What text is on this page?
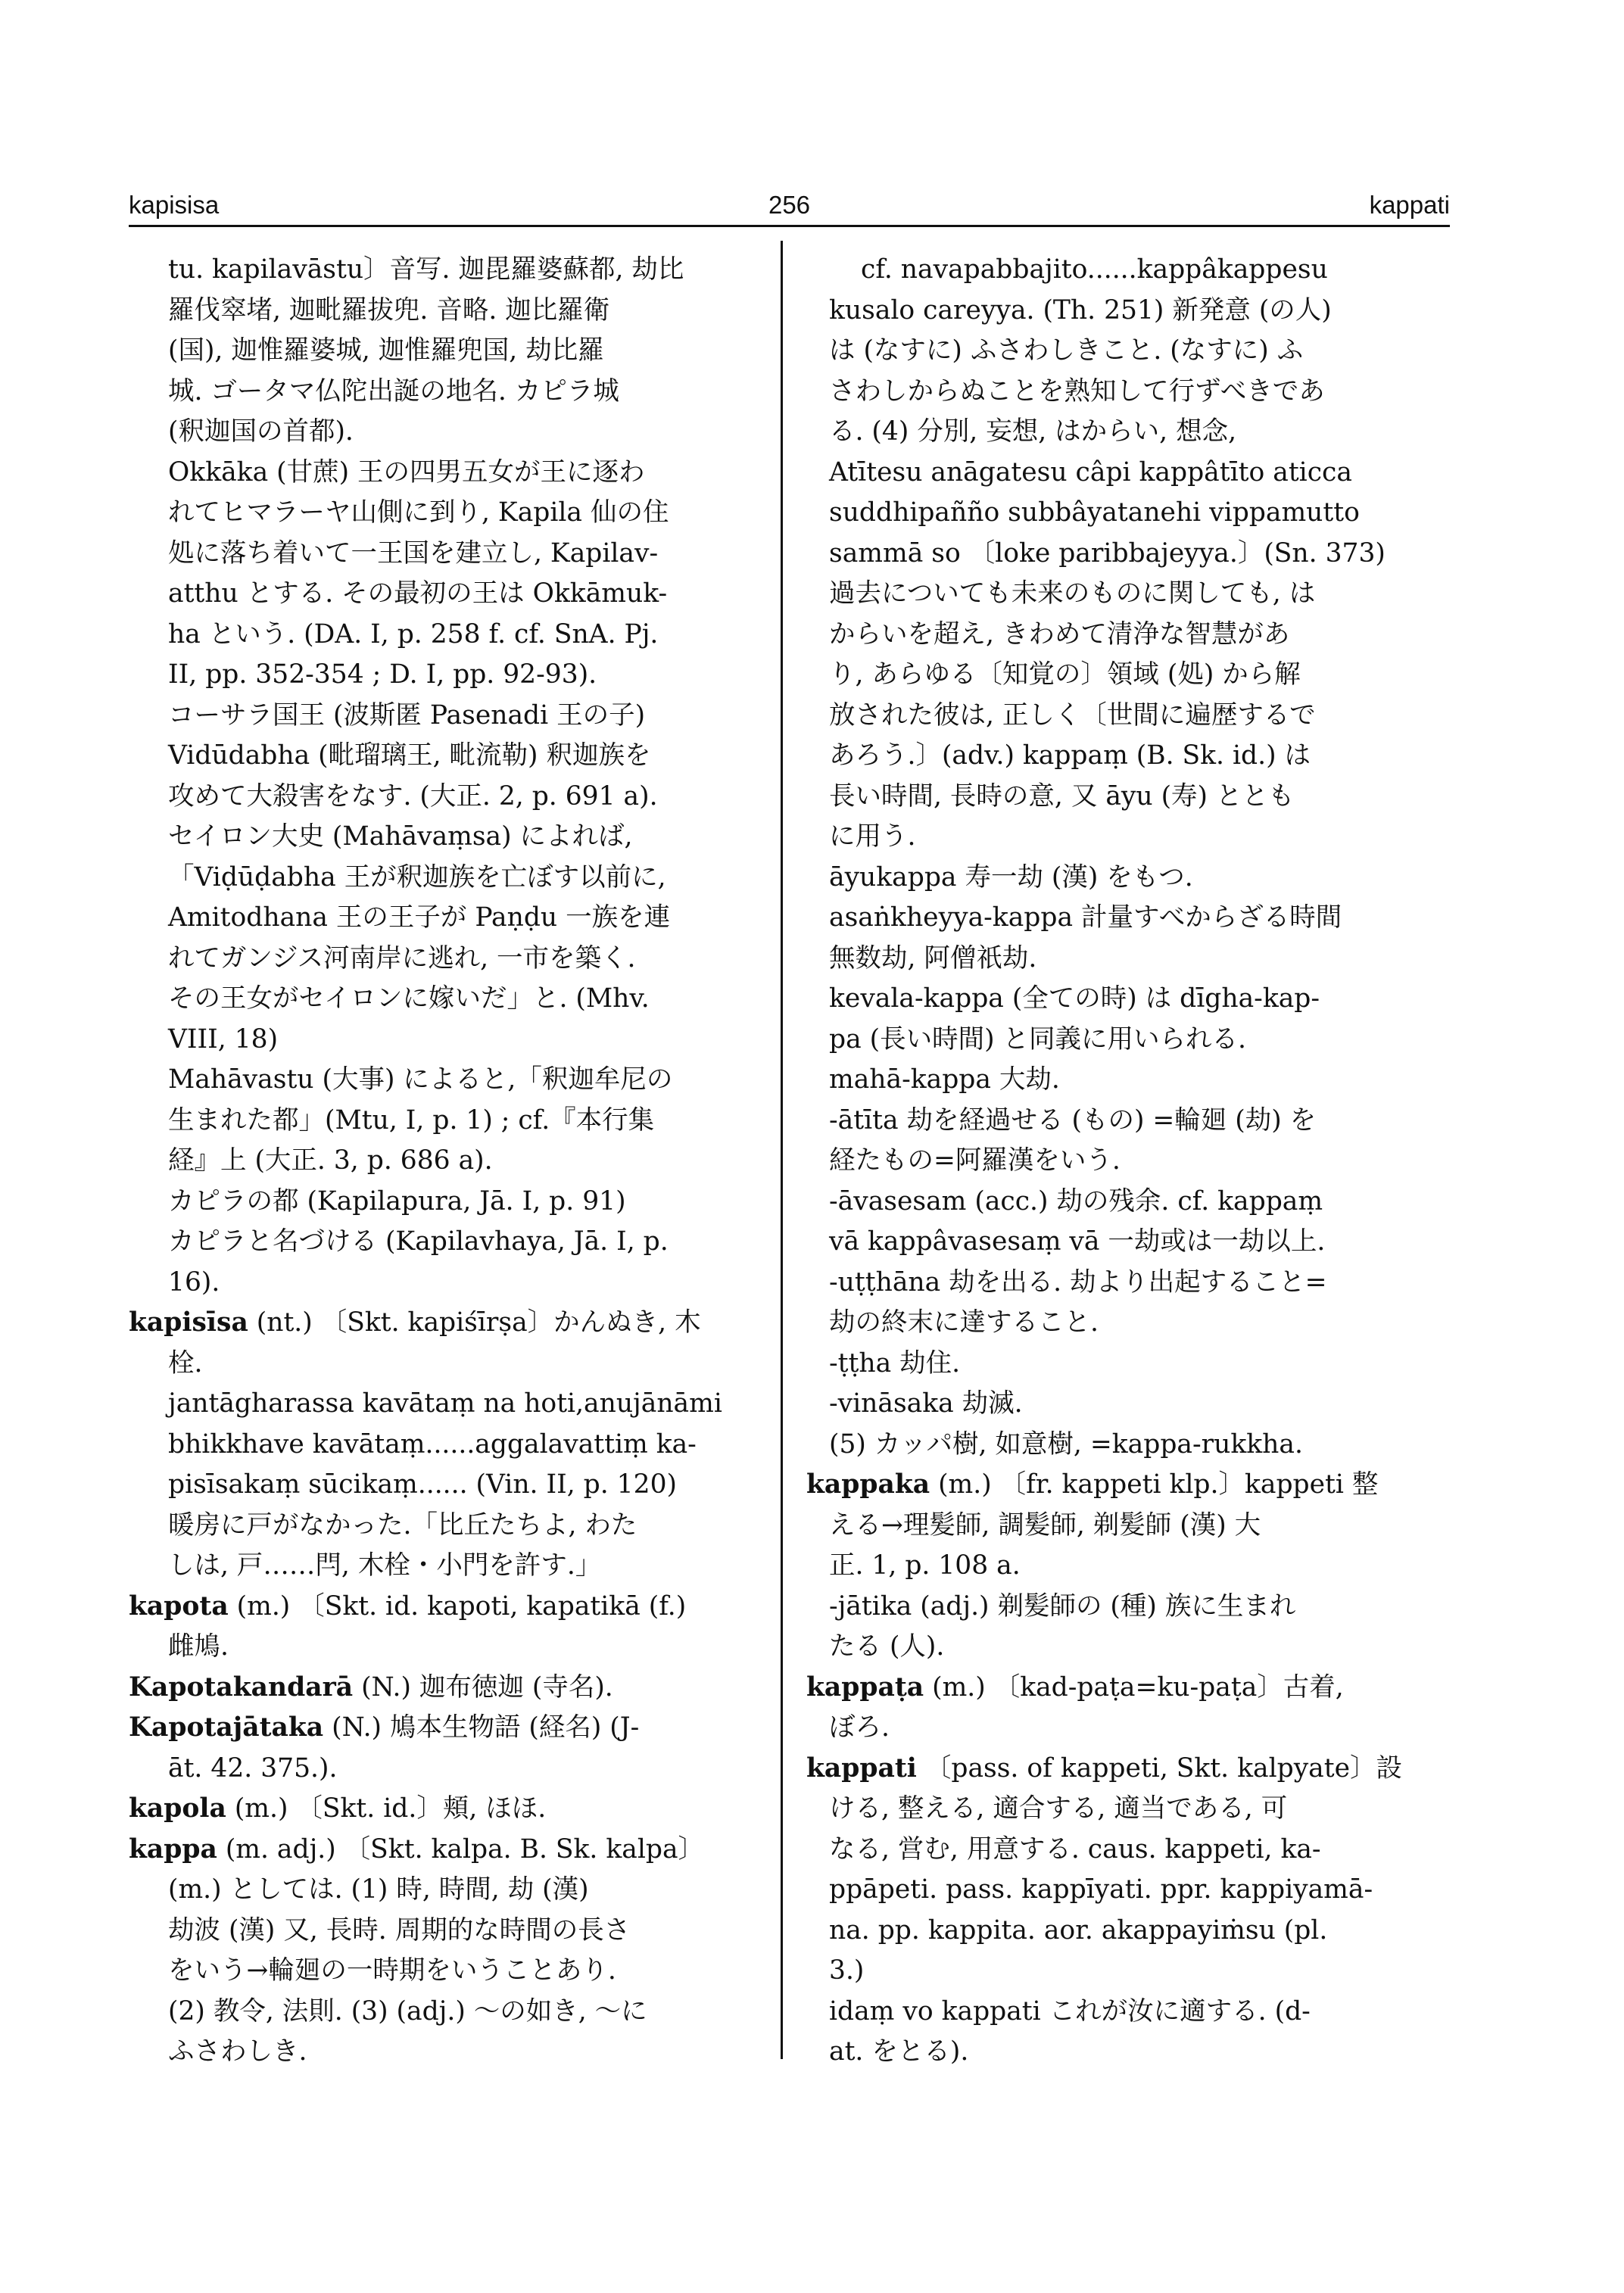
kapisisa	256	kappati
tu. kapilavāstu〕音写. 迦毘羅婆蘇都, 劫比
羅伐窣堵, 迦毗羅拔兜. 音略. 迦比羅衛
(国), 迦惟羅婆城, 迦惟羅兜国, 劫比羅
城. ゴータマ仏陀出誕の地名. カピラ城
(釈迦国の首都).
Okkāka (甘蔗) 王の四男五女が王に逐わ
れてヒマラーヤ山側に到り, Kapila 仙の住
処に落ち着いて一王国を建立し, Kapilav-
atthu とする. その最初の王は Okkāmuk-
ha という. (DA. I, p. 258 f. cf. SnA. Pj.
II, pp. 352-354 ; D. I, pp. 92-93).
コーサラ国王 (波斯匿 Pasenadi 王の子)
Vidūdabha (毗瑠璃王, 毗流勒) 釈迦族を
攻めて大殺害をなす. (大正. 2, p. 691 a).
セイロン大史 (Mahāvaṃsa) によれば,
「Viḍūḍabha 王が釈迦族を亡ぼす以前に,
Amitodhana 王の王子が Paṇḍu 一族を連
れてガンジス河南岸に逃れ, 一市を築く.
その王女がセイロンに嫁いだ」と. (Mhv.
VIII, 18)
Mahāvastu (大事) によると,「釈迦牟尼の
生まれた都」(Mtu, I, p. 1) ; cf.『本行集
経』上 (大正. 3, p. 686 a).
カピラの都 (Kapilapura, Jā. I, p. 91)
カピラと名づける (Kapilavhaya, Jā. I, p.
16).
kapisīsa (nt.) 〔Skt. kapiśīrṣa〕かんぬき, 木
栓.
jantāgharassa kavātaṃ na hoti,anujānāmi
bhikkhave kavātaṃ......aggalavattiṃ ka-
pisīsakaṃ sūcikaṃ...... (Vin. II, p. 120)
暖房に戸がなかった.「比丘たちよ, わた
しは, 戸……閂, 木栓・小門を許す.」
kapota (m.) 〔Skt. id. kapoti, kapatikā (f.)
雌鳩.
Kapotakandarā (N.) 迦布徳迦 (寺名).
Kapotajātaka (N.) 鳩本生物語 (経名) (J-
āt. 42. 375.).
kapola (m.) 〔Skt. id.〕頬, ほほ.
kappa (m. adj.) 〔Skt. kalpa. B. Sk. kalpa〕
(m.) としては. (1) 時, 時間, 劫 (漢)
劫波 (漢) 又, 長時. 周期的な時間の長さ
をいう→輪廻の一時期をいうことあり.
(2) 教令, 法則. (3) (adj.) ～の如き, ～に
ふさわしき.
cf. navapabbajito......kappâkappesu
kusalo careyya. (Th. 251) 新発意 (の人)
は (なすに) ふさわしきこと. (なすに) ふ
さわしからぬことを熟知して行ずべきであ
る. (4) 分別, 妄想, はからい, 想念,
Atītesu anāgatesu câpi kappâtīto aticca
suddhipañño subbâyatanehi vippamutto
sammā so 〔loke paribbajeyya.〕(Sn. 373)
過去についても未来のものに関しても, は
からいを超え, きわめて清浄な智慧があ
り, あらゆる〔知覚の〕領域 (処) から解
放された彼は, 正しく〔世間に遍歴するで
あろう.〕(adv.) kappaṃ (B. Sk. id.) は
長い時間, 長時の意, 又 āyu (寿) ととも
に用う.
āyukappa 寿一劫 (漢) をもつ.
asaṅkheyya-kappa 計量すべからざる時間
無数劫, 阿僧祇劫.
kevala-kappa (全ての時) は dīgha-kap-
pa (長い時間) と同義に用いられる.
mahā-kappa 大劫.
-ātīta 劫を経過せる (もの) =輪廻 (劫) を
経たもの=阿羅漢をいう.
-āvasesam (acc.) 劫の残余. cf. kappaṃ
vā kappâvasesaṃ vā 一劫或は一劫以上.
-uṭṭhāna 劫を出る. 劫より出起すること=
劫の終末に達すること.
-ṭṭha 劫住.
-vināsaka 劫滅.
(5) カッパ樹, 如意樹, =kappa-rukkha.
kappaka (m.) 〔fr. kappeti klp.〕kappeti 整
える→理髪師, 調髪師, 剃髪師 (漢) 大
正. 1, p. 108 a.
-jātika (adj.) 剃髪師の (種) 族に生まれ
たる (人).
kappaṭa (m.) 〔kad-paṭa=ku-paṭa〕古着,
ぼろ.
kappati 〔pass. of kappeti, Skt. kalpyate〕設
ける, 整える, 適合する, 適当である, 可
なる, 営む, 用意する. caus. kappeti, ka-
ppāpeti. pass. kappīyati. ppr. kappiyamā-
na. pp. kappita. aor. akappayiṁsu (pl.
3.)
idaṃ vo kappati これが汝に適する. (d-
at. をとる).
